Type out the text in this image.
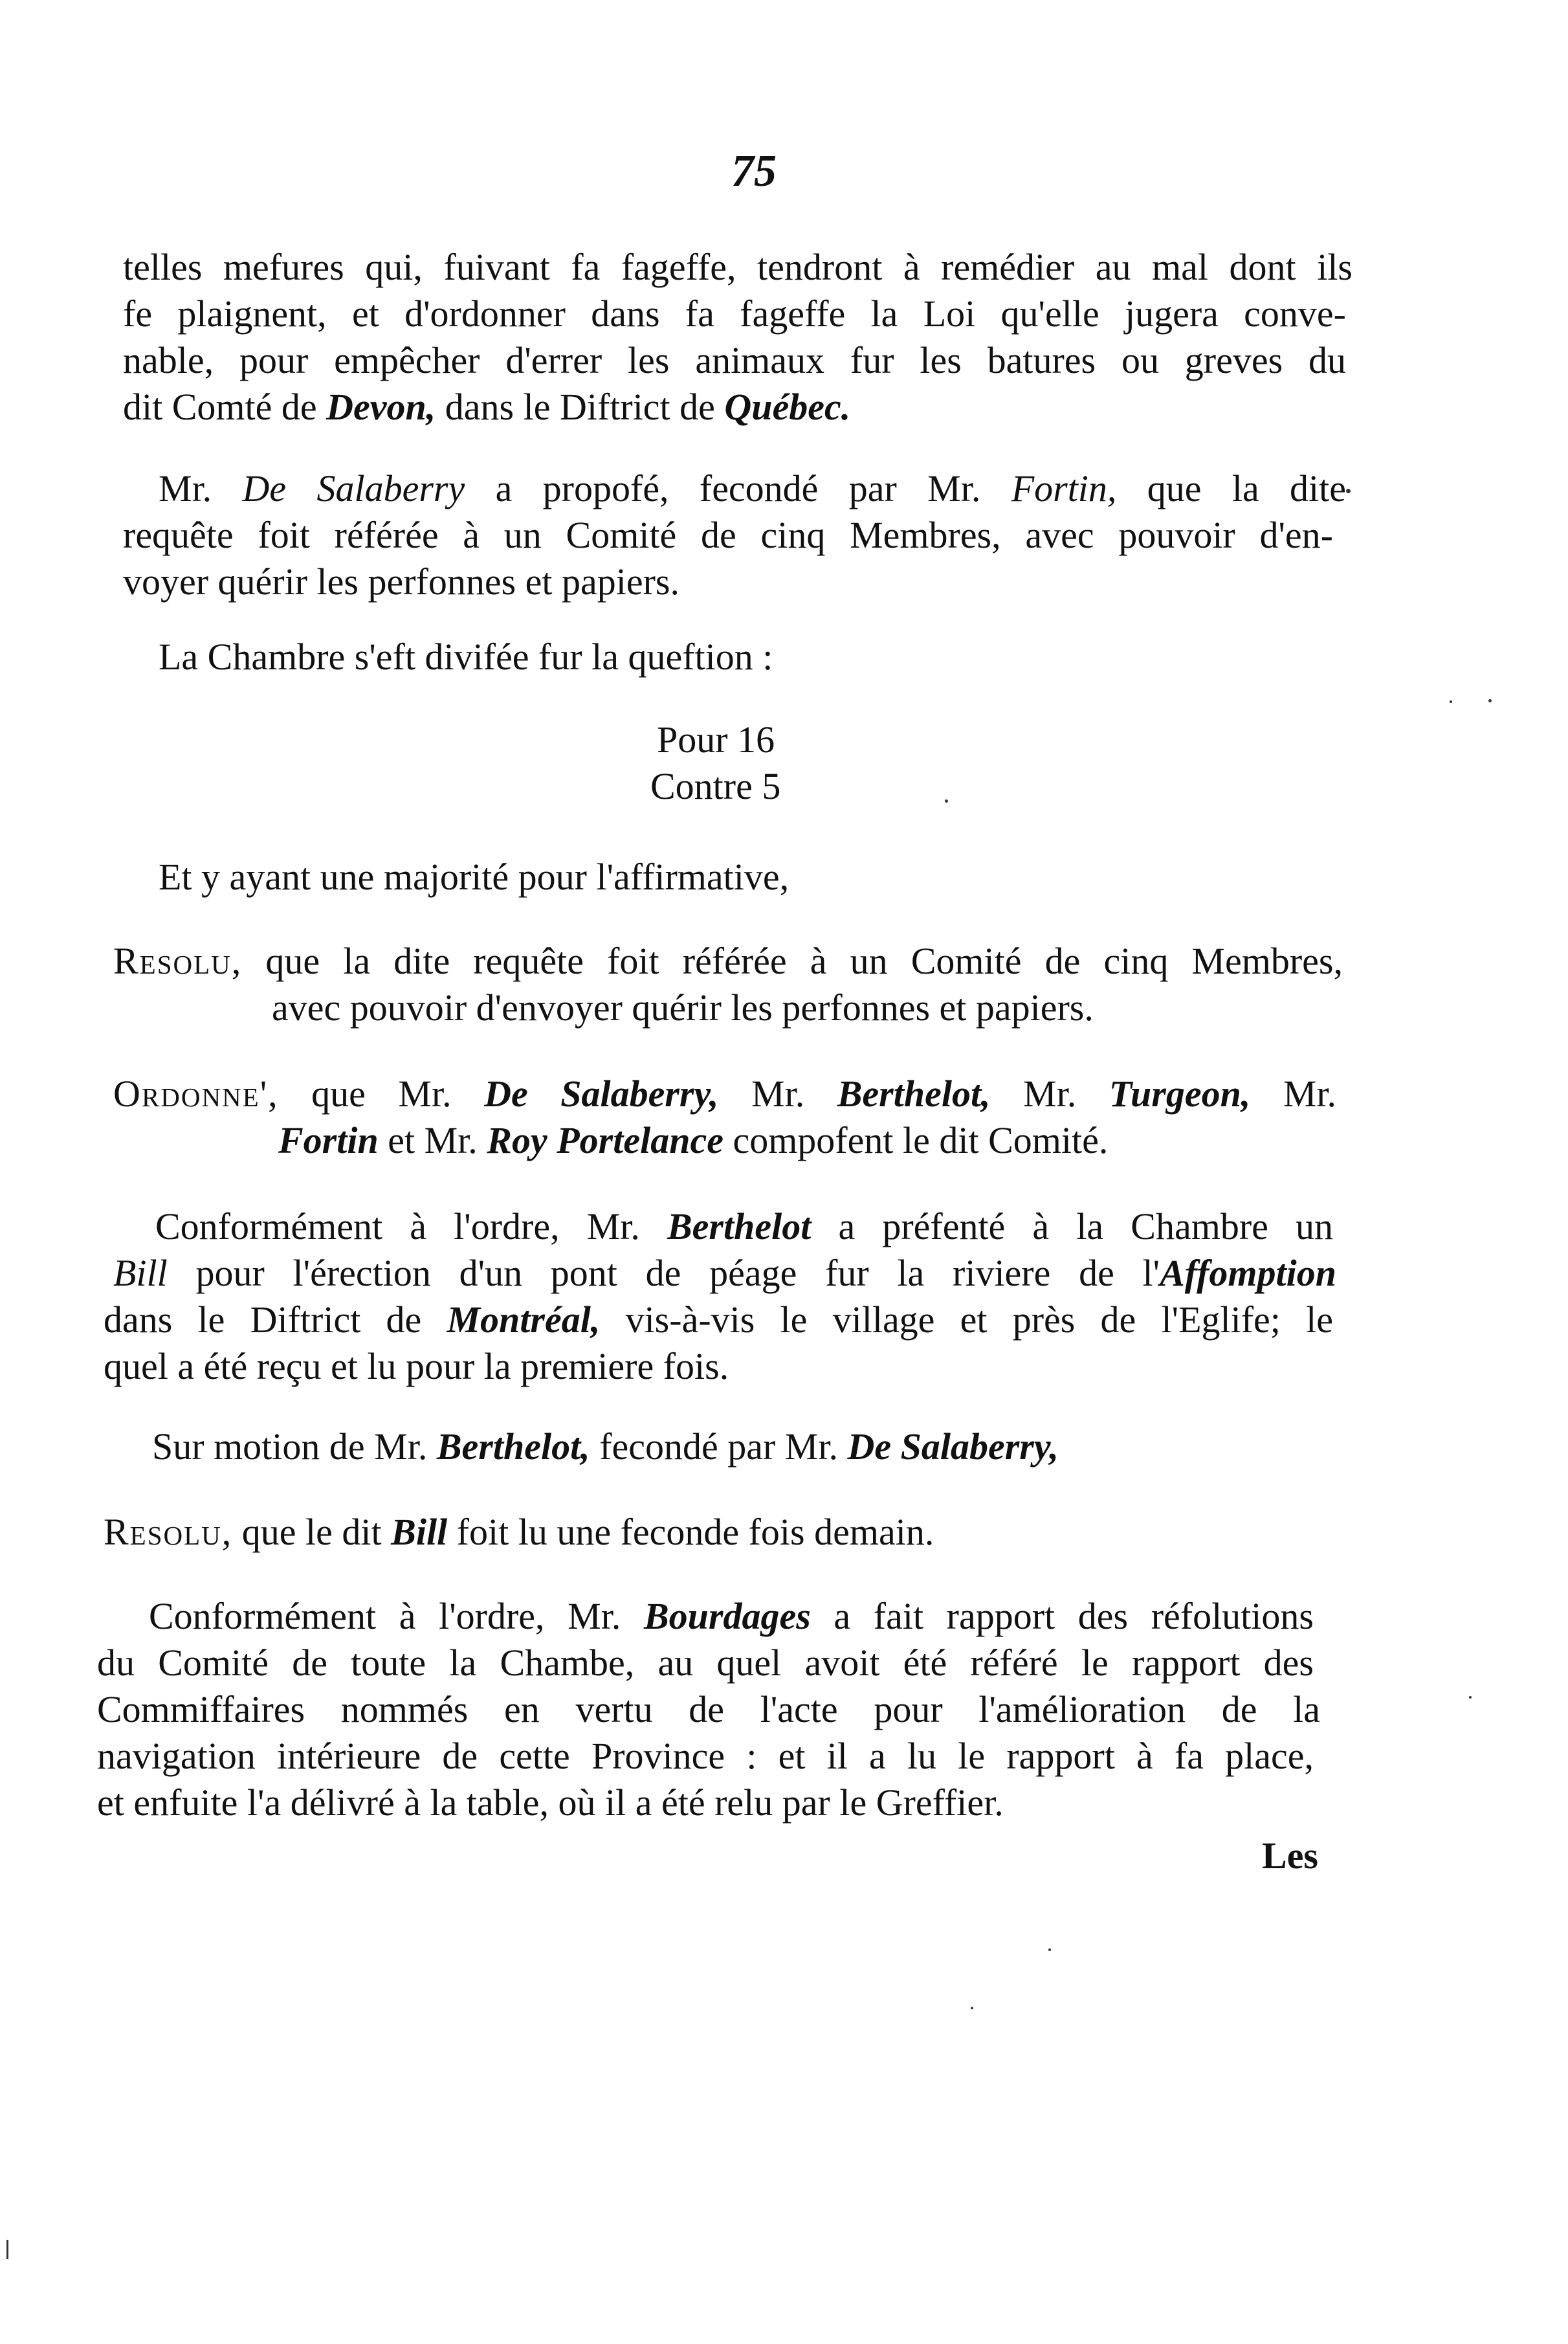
75
telles mefures qui, fuivant fa fageffe, tendront à remédier au mal dont ils
fe plaignent, et d'ordonner dans fa fageffe la Loi qu'elle jugera conve-
nable, pour empêcher d'errer les animaux fur les batures ou greves du
dit Comté de Devon, dans le Diftrict de Québec.
Mr. De Salaberry a propofé, fecondé par Mr. Fortin, que la dite
requête foit référée à un Comité de cinq Membres, avec pouvoir d'en-
voyer quérir les perfonnes et papiers.
La Chambre s'eft divifée fur la queftion :
Pour 16
Contre 5
Et y ayant une majorité pour l'affirmative,
Resolu, que la dite requête foit référée à un Comité de cinq Membres,
avec pouvoir d'envoyer quérir les perfonnes et papiers.
Ordonne', que Mr. De Salaberry, Mr. Berthelot, Mr. Turgeon, Mr.
Fortin et Mr. Roy Portelance compofent le dit Comité.
Conformément à l'ordre, Mr. Berthelot a préfenté à la Chambre un
Bill pour l'érection d'un pont de péage fur la riviere de l'Affomption
dans le Diftrict de Montréal, vis-à-vis le village et près de l'Eglife; le
quel a été reçu et lu pour la premiere fois.
Sur motion de Mr. Berthelot, fecondé par Mr. De Salaberry,
Resolu, que le dit Bill foit lu une feconde fois demain.
Conformément à l'ordre, Mr. Bourdages a fait rapport des réfolutions
du Comité de toute la Chambe, au quel avoit été référé le rapport des
Commiffaires nommés en vertu de l'acte pour l'amélioration de la
navigation intérieure de cette Province : et il a lu le rapport à fa place,
et enfuite l'a délivré à la table, où il a été relu par le Greffier.
Les
